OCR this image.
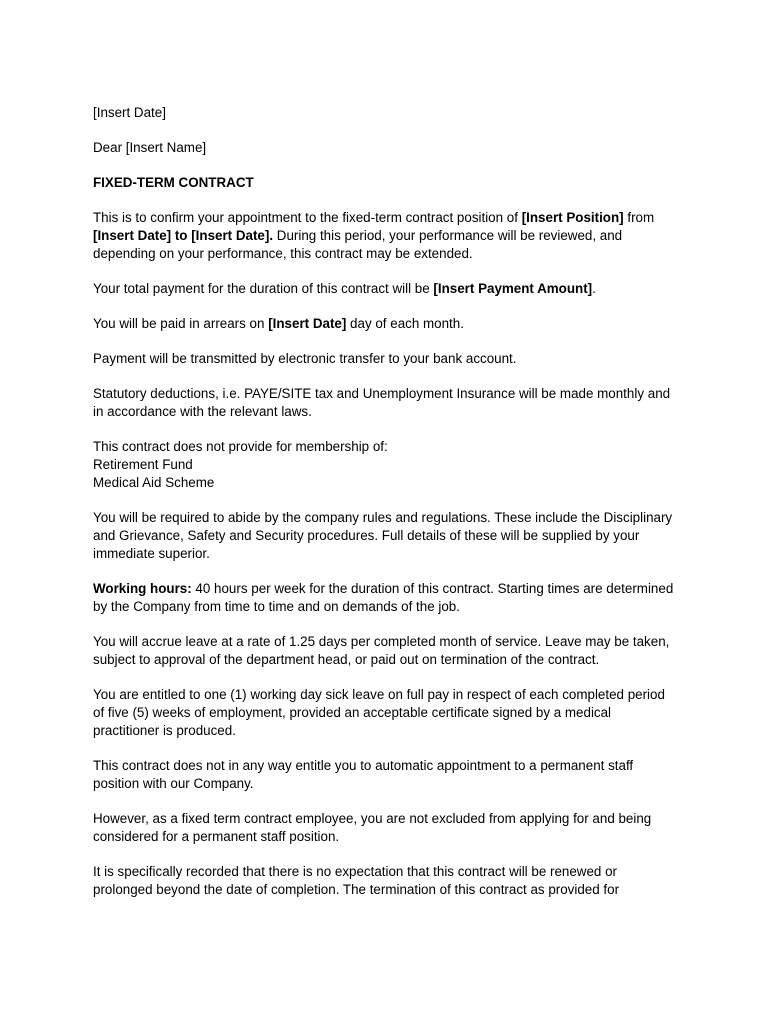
[Insert Date]

Dear [Insert Name]

FIXED-TERM CONTRACT

This is to confirm your appointment to the fixed-term contract position of [Insert Position] from [Insert Date] to [Insert Date]. During this period, your performance will be reviewed, and depending on your performance, this contract may be extended.

Your total payment for the duration of this contract will be [Insert Payment Amount].

You will be paid in arrears on [Insert Date] day of each month.

Payment will be transmitted by electronic transfer to your bank account.

Statutory deductions, i.e. PAYE/SITE tax and Unemployment Insurance will be made monthly and in accordance with the relevant laws.

This contract does not provide for membership of:
Retirement Fund
Medical Aid Scheme

You will be required to abide by the company rules and regulations. These include the Disciplinary and Grievance, Safety and Security procedures. Full details of these will be supplied by your immediate superior.

Working hours: 40 hours per week for the duration of this contract. Starting times are determined by the Company from time to time and on demands of the job.

You will accrue leave at a rate of 1.25 days per completed month of service. Leave may be taken, subject to approval of the department head, or paid out on termination of the contract.

You are entitled to one (1) working day sick leave on full pay in respect of each completed period of five (5) weeks of employment, provided an acceptable certificate signed by a medical practitioner is produced.

This contract does not in any way entitle you to automatic appointment to a permanent staff position with our Company.

However, as a fixed term contract employee, you are not excluded from applying for and being considered for a permanent staff position.

It is specifically recorded that there is no expectation that this contract will be renewed or prolonged beyond the date of completion. The termination of this contract as provided for
